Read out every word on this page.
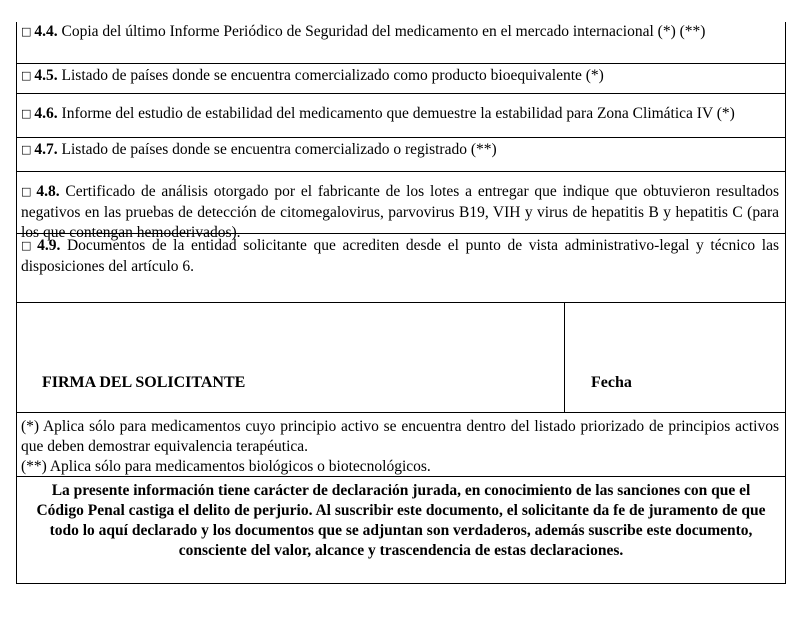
□ 4.4. Copia del último Informe Periódico de Seguridad del medicamento en el mercado internacional (*) (**)
□ 4.5. Listado de países donde se encuentra comercializado como producto bioequivalente (*)
□ 4.6. Informe del estudio de estabilidad del medicamento que demuestre la estabilidad para Zona Climática IV (*)
□ 4.7. Listado de países donde se encuentra comercializado o registrado (**)
□ 4.8. Certificado de análisis otorgado por el fabricante de los lotes a entregar que indique que obtuvieron resultados negativos en las pruebas de detección de citomegalovirus, parvovirus B19, VIH y virus de hepatitis B y hepatitis C (para los que contengan hemoderivados).
□ 4.9. Documentos de la entidad solicitante que acrediten desde el punto de vista administrativo-legal y técnico las disposiciones del artículo 6.
FIRMA DEL SOLICITANTE	Fecha
(*) Aplica sólo para medicamentos cuyo principio activo se encuentra dentro del listado priorizado de principios activos que deben demostrar equivalencia terapéutica.
(**) Aplica sólo para medicamentos biológicos o biotecnológicos.
La presente información tiene carácter de declaración jurada, en conocimiento de las sanciones con que el Código Penal castiga el delito de perjurio. Al suscribir este documento, el solicitante da fe de juramento de que todo lo aquí declarado y los documentos que se adjuntan son verdaderos, además suscribe este documento, consciente del valor, alcance y trascendencia de estas declaraciones.
